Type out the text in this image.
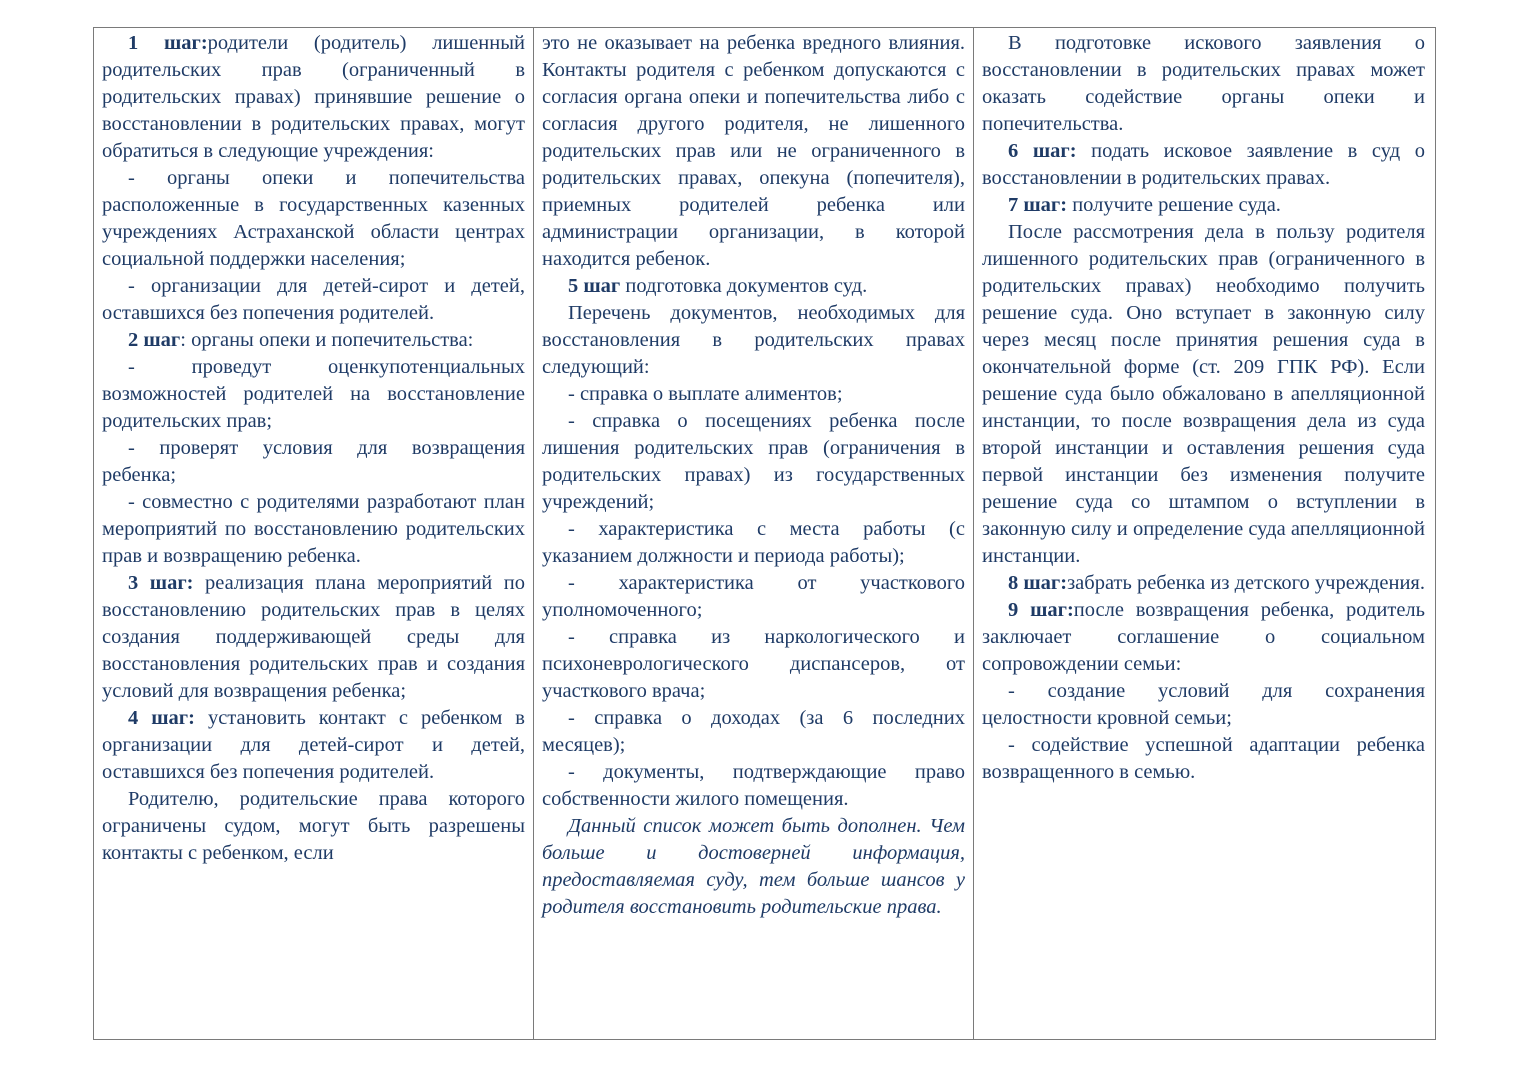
1 шаг:родители (родитель) лишенный родительских прав (ограниченный в родительских правах) принявшие решение о восстановлении в родительских правах, могут обратиться в следующие учреждения:

- органы опеки и попечительства расположенные в государственных казенных учреждениях Астраханской области центрах социальной поддержки населения;

- организации для детей-сирот и детей, оставшихся без попечения родителей.

2 шаг: органы опеки и попечительства:

- проведут оценкупотенциальных возможностей родителей на восстановление родительских прав;

- проверят условия для возвращения ребенка;

- совместно с родителями разработают план мероприятий по восстановлению родительских прав и возвращению ребенка.

3 шаг: реализация плана мероприятий по восстановлению родительских прав в целях создания поддерживающей среды для восстановления родительских прав и создания условий для возвращения ребенка;

4 шаг: установить контакт с ребенком в организации для детей-сирот и детей, оставшихся без попечения родителей.

Родителю, родительские права которого ограничены судом, могут быть разрешены контакты с ребенком, если

это не оказывает на ребенка вредного влияния. Контакты родителя с ребенком допускаются с согласия органа опеки и попечительства либо с согласия другого родителя, не лишенного родительских прав или не ограниченного в родительских правах, опекуна (попечителя), приемных родителей ребенка или администрации организации, в которой находится ребенок.

5 шаг подготовка документов суд.

Перечень документов, необходимых для восстановления в родительских правах следующий:

- справка о выплате алиментов;

- справка о посещениях ребенка после лишения родительских прав (ограничения в родительских правах) из государственных учреждений;

- характеристика с места работы (с указанием должности и периода работы);

- характеристика от участкового уполномоченного;

- справка из наркологического и психоневрологического диспансеров, от участкового врача;

- справка о доходах (за 6 последних месяцев);

- документы, подтверждающие право собственности жилого помещения.

Данный список может быть дополнен. Чем больше и достоверней информация, предоставляемая суду, тем больше шансов у родителя восстановить родительские права.

В подготовке искового заявления о восстановлении в родительских правах может оказать содействие органы опеки и попечительства.

6 шаг: подать исковое заявление в суд о восстановлении в родительских правах.

7 шаг: получите решение суда.

После рассмотрения дела в пользу родителя лишенного родительских прав (ограниченного в родительских правах) необходимо получить решение суда. Оно вступает в законную силу через месяц после принятия решения суда в окончательной форме (ст. 209 ГПК РФ). Если решение суда было обжаловано в апелляционной инстанции, то после возвращения дела из суда второй инстанции и оставления решения суда первой инстанции без изменения получите решение суда со штампом о вступлении в законную силу и определение суда апелляционной инстанции.

8 шаг:забрать ребенка из детского учреждения.

9 шаг:после возвращения ребенка, родитель заключает соглашение о социальном сопровождении семьи:

- создание условий для сохранения целостности кровной семьи;

- содействие успешной адаптации ребенка возвращенного в семью.
